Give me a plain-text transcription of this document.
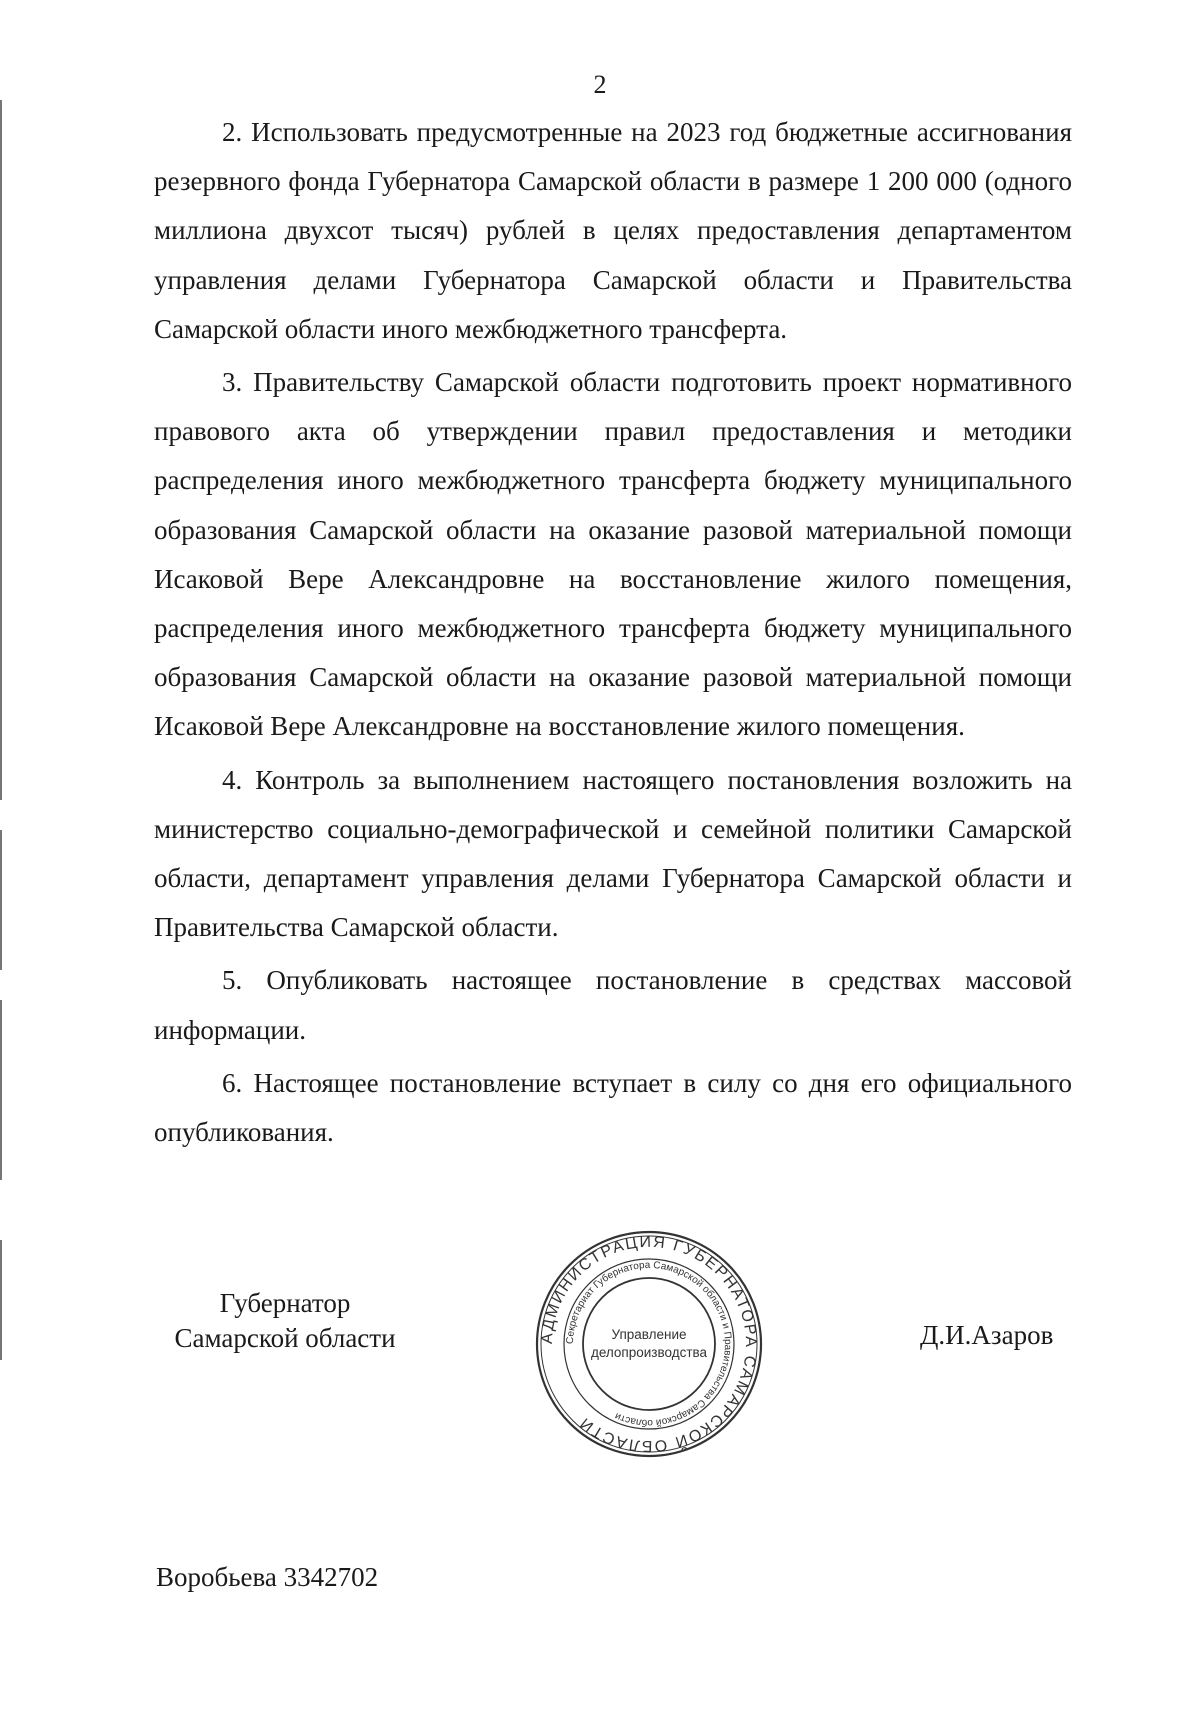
2

2. Использовать предусмотренные на 2023 год бюджетные ассигнования резервного фонда Губернатора Самарской области в размере 1 200 000 (одного миллиона двухсот тысяч) рублей в целях предоставления департаментом управления делами Губернатора Самарской области и Правительства Самарской области иного межбюджетного трансферта.

3. Правительству Самарской области подготовить проект нормативного правового акта об утверждении правил предоставления и методики распределения иного межбюджетного трансферта бюджету муниципального образования Самарской области на оказание разовой материальной помощи Исаковой Вере Александровне на восстановление жилого помещения, распределения иного межбюджетного трансферта бюджету муниципального образования Самарской области на оказание разовой материальной помощи Исаковой Вере Александровне на восстановление жилого помещения.

4. Контроль за выполнением настоящего постановления возложить на министерство социально-демографической и семейной политики Самарской области, департамент управления делами Губернатора Самарской области и Правительства Самарской области.

5. Опубликовать настоящее постановление в средствах массовой информации.

6. Настоящее постановление вступает в силу со дня его официального опубликования.

Губернатор
Самарской области	АДМИНИСТРАЦИЯ ГУБЕРНАТОРА САМАРСКОЙ ОБЛАСТИ
Секретариат Губернатора Самарской области и Правительства Самарской области
Управление
делопроизводства
Д.И.Азаров
Воробьева 3342702
